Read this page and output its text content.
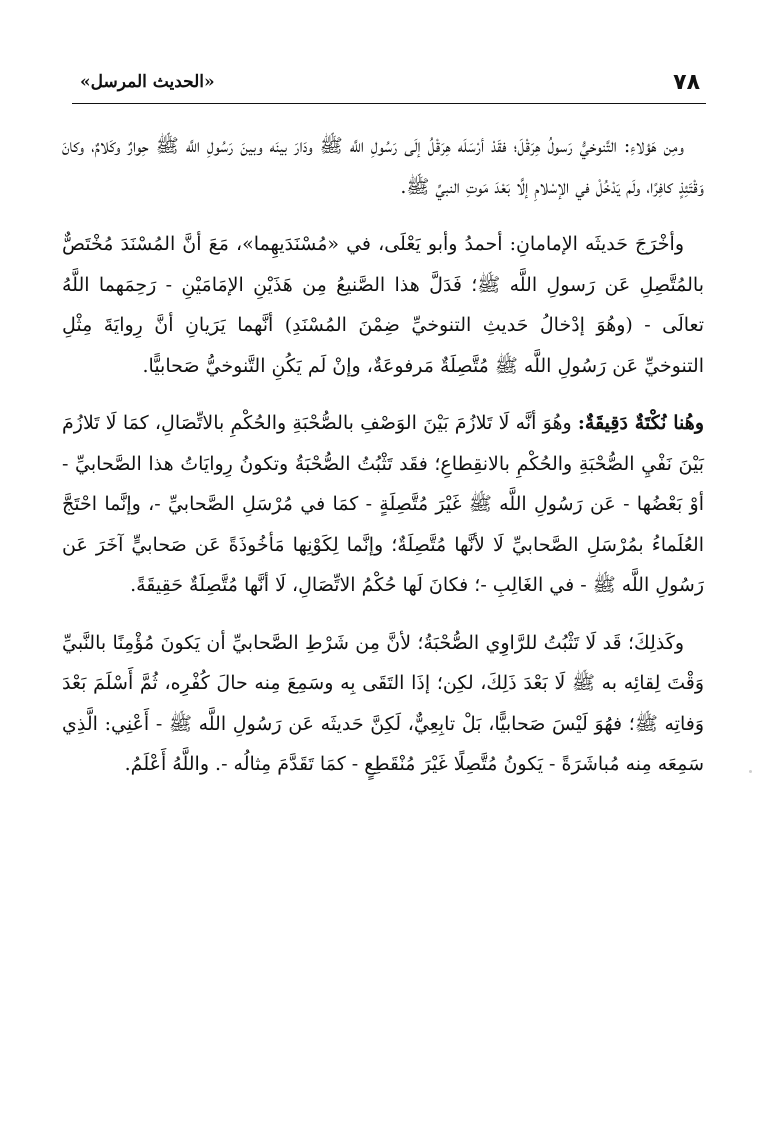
«الحديث المرسل»	٧٨

ومِن هَؤلاءِ: التَّنوخيُّ رَسولُ هِرَقْلَ؛ فقَدْ أرْسَلَه هِرَقْلُ إلَى رَسُولِ اللَّه ﷺ ودَارَ بينَه وبينَ رَسُولِ اللَّه ﷺ حِوارٌ وكَلامٌ، وكانَ وَقْتَئِذٍ كافِرًا، ولَم يَدْخُلْ في الإسْلامِ إلَّا بَعْدَ مَوتِ النبيِّ ﷺ.

وأخْرَجَ حَديثَه الإمامانِ: أحمدُ وأبو يَعْلَى، في «مُسْنَدَيهِما»، مَعَ أنَّ المُسْنَدَ مُخْتَصٌّ بالمُتَّصِلِ عَن رَسولِ اللَّه ﷺ؛ فَدَلَّ هذا الصَّنيعُ مِن هَذَيْنِ الإمَامَيْنِ - رَحِمَهما اللَّهُ تعالَى - (وهُوَ إدْخالُ حَديثِ التنوخيِّ ضِمْنَ المُسْنَدِ) أنَّهما يَرَيانِ أنَّ رِوايَةَ مِثْلِ التنوخيِّ عَن رَسُولِ اللَّه ﷺ مُتَّصِلَةٌ مَرفوعَةٌ، وإنْ لَم يَكُنِ التَّنوخيُّ صَحابيًّا.

وهُنا نُكْتَةٌ دَقِيقَةٌ: وهُوَ أنَّه لَا تَلازُمَ بَيْنَ الوَصْفِ بالصُّحْبَةِ والحُكْمِ بالاتِّصَالِ، كمَا لَا تَلازُمَ بَيْنَ نَفْيِ الصُّحْبَةِ والحُكْمِ بالانقِطاعِ؛ فقَد تَثْبُتُ الصُّحْبَةُ وتكونُ رِوايَاتُ هذا الصَّحابيِّ - أوْ بَعْضُها - عَن رَسُولِ اللَّه ﷺ غَيْرَ مُتَّصِلَةٍ - كمَا في مُرْسَلِ الصَّحابيِّ -، وإنَّما احْتَجَّ العُلَماءُ بمُرْسَلِ الصَّحابيِّ لَا لأنَّها مُتَّصِلَةٌ؛ وإنَّما لِكَوْنِها مَأخُوذَةً عَن صَحابيٍّ آخَرَ عَن رَسُولِ اللَّه ﷺ - في الغَالِبِ -؛ فكانَ لَها حُكْمُ الاتِّصَالِ، لَا أنَّها مُتَّصِلَةٌ حَقِيقَةً.

وكَذلِكَ؛ قَد لَا تَثْبُتُ للرَّاوِي الصُّحْبَةُ؛ لأنَّ مِن شَرْطِ الصَّحابيِّ أن يَكونَ مُؤْمِنًا بالنَّبيِّ وَقْتَ لِقائِه به ﷺ لَا بَعْدَ ذَلِكَ، لكِن؛ إذَا التَقَى بِه وسَمِعَ مِنه حالَ كُفْرِه، ثُمَّ أَسْلَمَ بَعْدَ وَفاتِه ﷺ؛ فهُوَ لَيْسَ صَحابيًّا، بَلْ تابِعِيٌّ، لَكِنَّ حَديثَه عَن رَسُولِ اللَّه ﷺ - أَعْنِي: الَّذِي سَمِعَه مِنه مُباشَرَةً - يَكونُ مُتَّصِلًا غَيْرَ مُنْقَطِعٍ - كمَا تَقَدَّمَ مِثالُه -. واللَّهُ أَعْلَمُ.
